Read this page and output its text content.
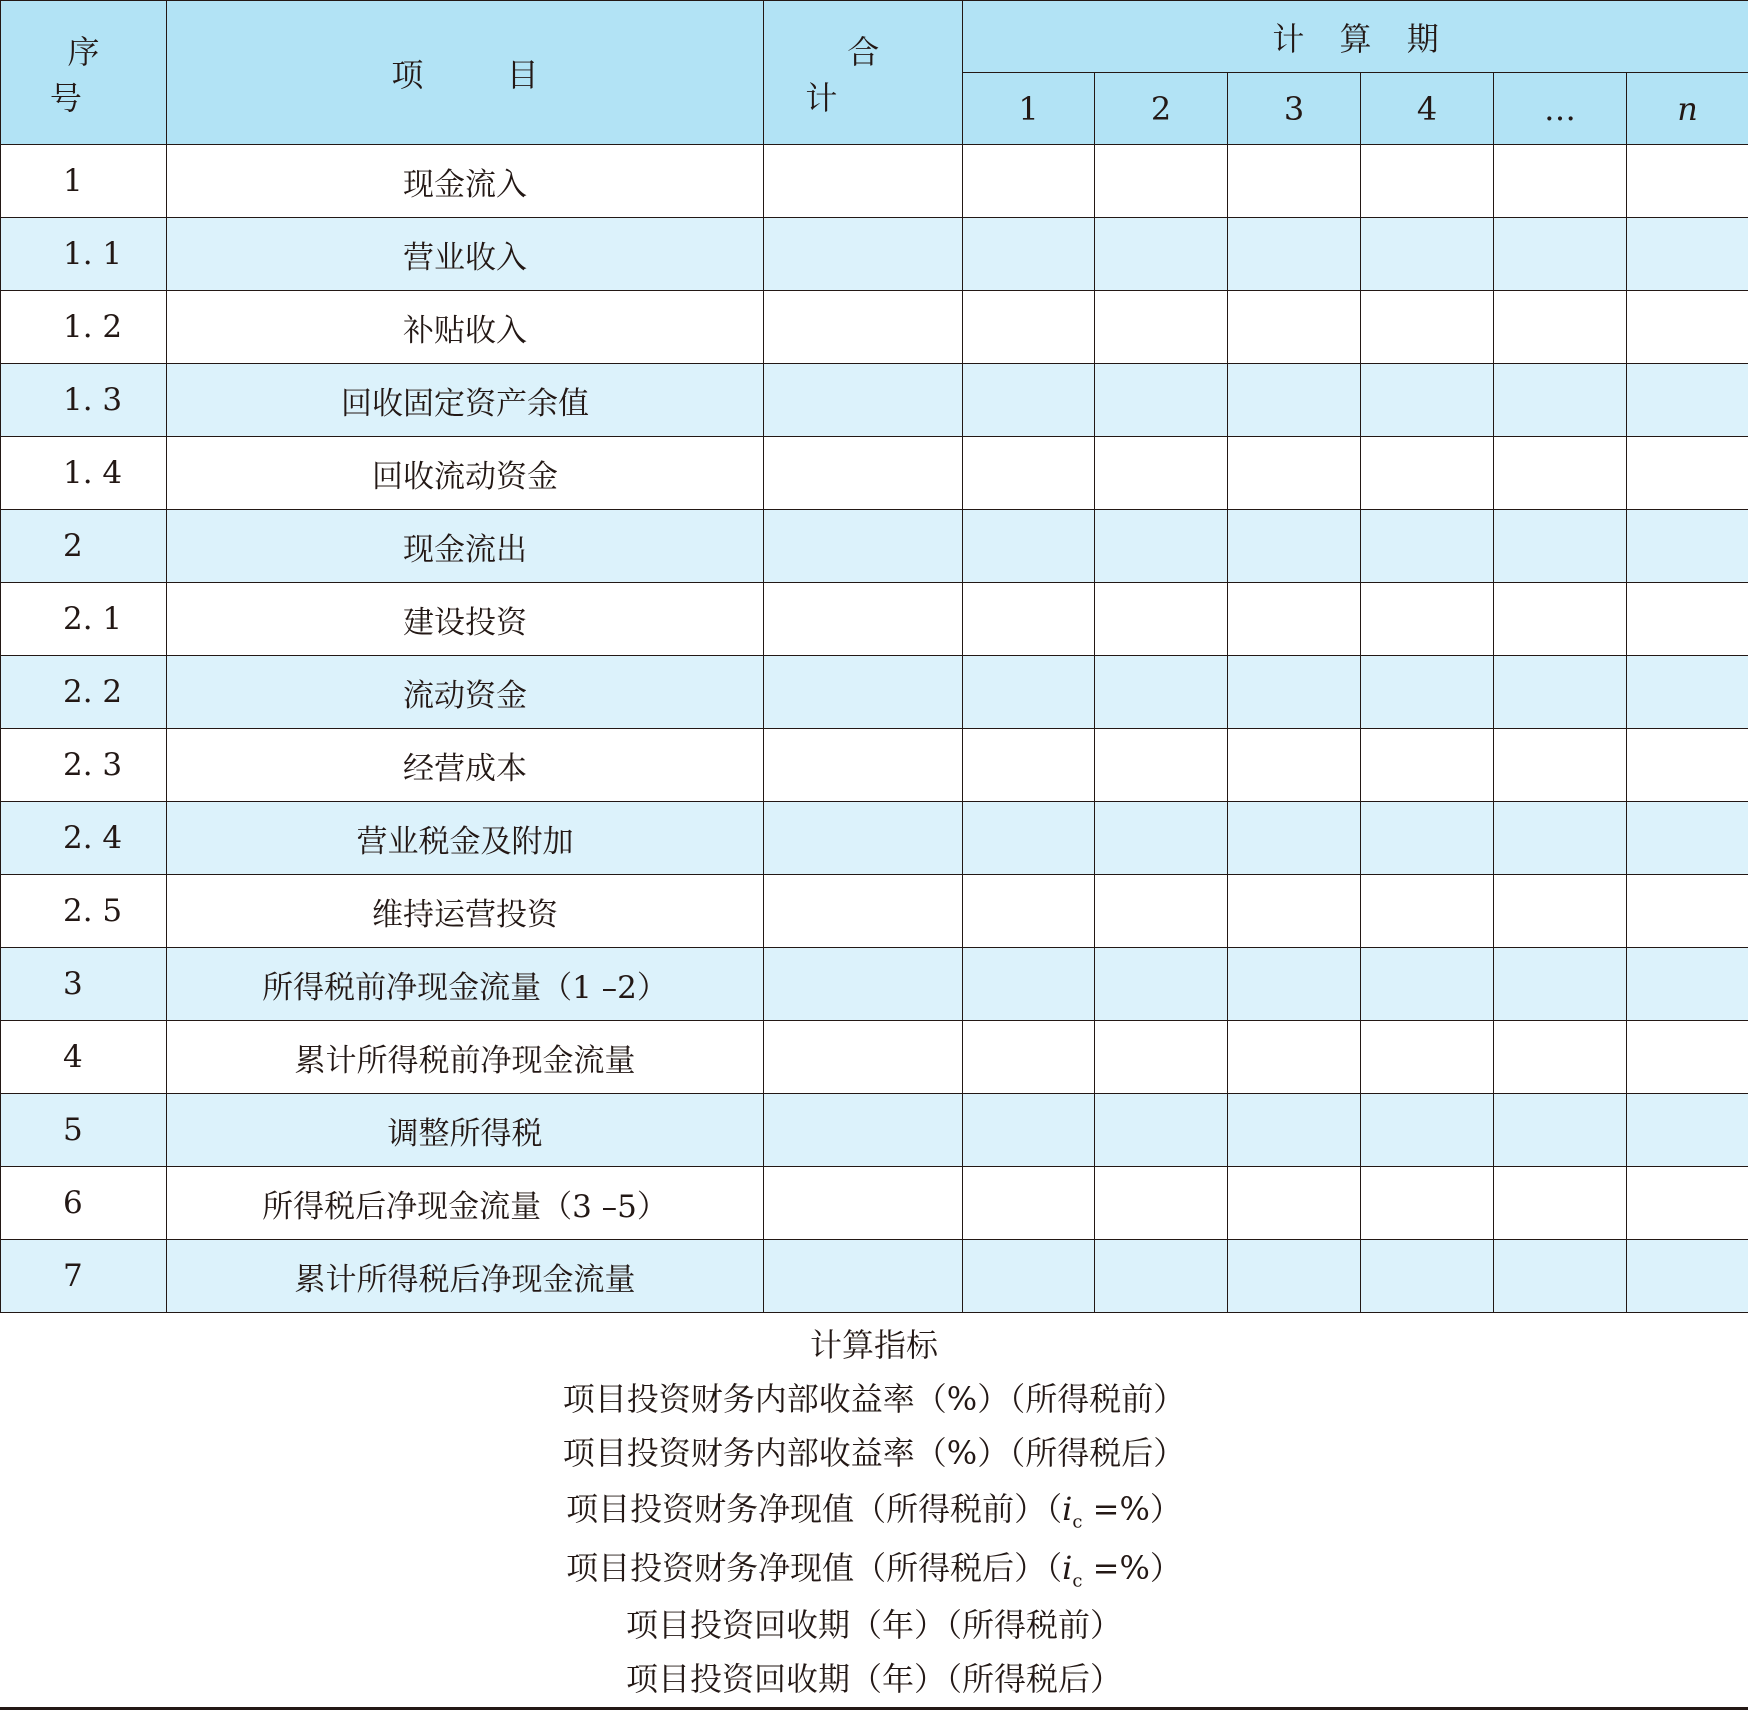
序号	项目	合计	计算期					
			1	2	3	4	…	n
1	现金流入							
1. 1	营业收入							
1. 2	补贴收入							
1. 3	回收固定资产余值							
1. 4	回收流动资金							
2	现金流出							
2. 1	建设投资							
2. 2	流动资金							
2. 3	经营成本							
2. 4	营业税金及附加							
2. 5	维持运营投资							
3	所得税前净现金流量（1 –2）							
4	累计所得税前净现金流量							
5	调整所得税							
6	所得税后净现金流量（3 –5）							
7	累计所得税后净现金流量							
计算指标
项目投资财务内部收益率（%）（所得税前）
项目投资财务内部收益率（%）（所得税后）
项目投资财务净现值（所得税前）（$i_c$ =%）
项目投资财务净现值（所得税后）（$i_c$ =%）
项目投资回收期（年）（所得税前）
项目投资回收期（年）（所得税后）
